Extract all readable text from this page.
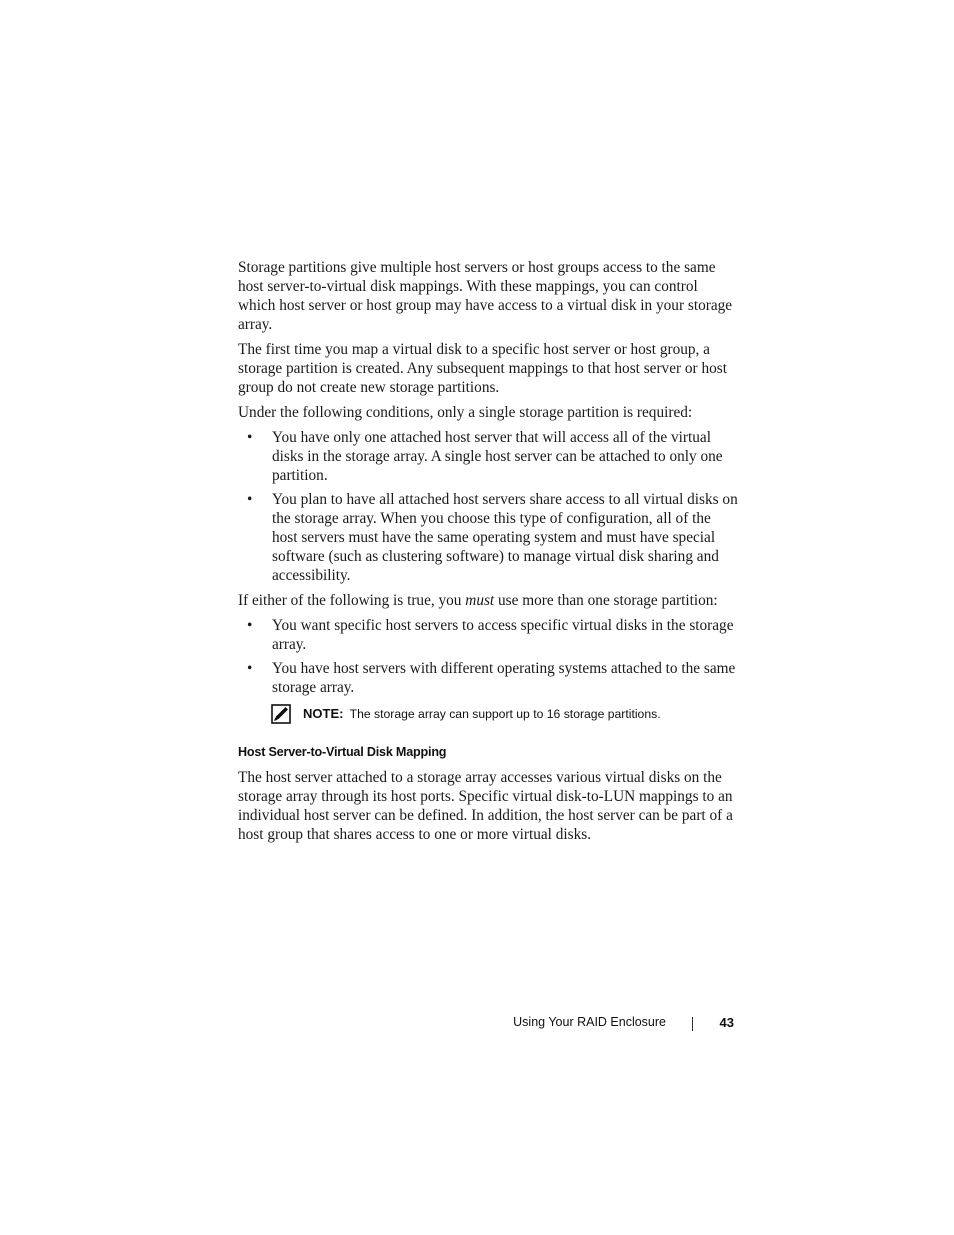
Storage partitions give multiple host servers or host groups access to the same host server-to-virtual disk mappings. With these mappings, you can control which host server or host group may have access to a virtual disk in your storage array.

The first time you map a virtual disk to a specific host server or host group, a storage partition is created. Any subsequent mappings to that host server or host group do not create new storage partitions.

Under the following conditions, only a single storage partition is required:

• You have only one attached host server that will access all of the virtual disks in the storage array. A single host server can be attached to only one partition.
• You plan to have all attached host servers share access to all virtual disks on the storage array. When you choose this type of configuration, all of the host servers must have the same operating system and must have special software (such as clustering software) to manage virtual disk sharing and accessibility.

If either of the following is true, you must use more than one storage partition:

• You want specific host servers to access specific virtual disks in the storage array.
• You have host servers with different operating systems attached to the same storage array.
NOTE: The storage array can support up to 16 storage partitions.
Host Server-to-Virtual Disk Mapping

The host server attached to a storage array accesses various virtual disks on the storage array through its host ports. Specific virtual disk-to-LUN mappings to an individual host server can be defined. In addition, the host server can be part of a host group that shares access to one or more virtual disks.

Using Your RAID Enclosure	43
